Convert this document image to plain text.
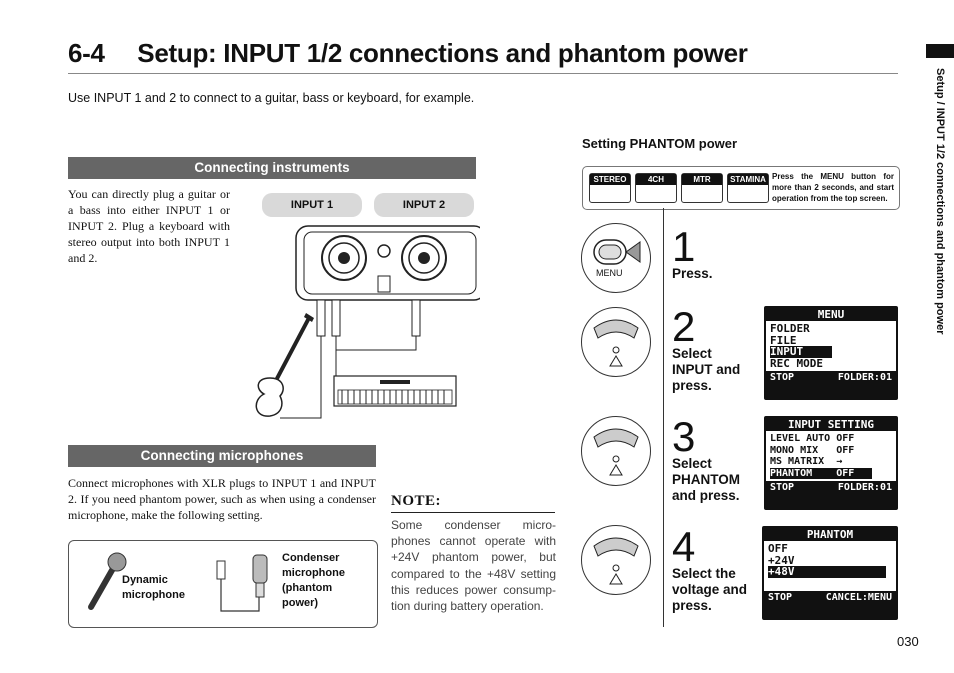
6-4  Setup: INPUT 1/2 connections and phantom power
Use INPUT 1 and 2 to connect to a guitar, bass or keyboard, for example.	Setup / INPUT 1/2 connections and phantom power
Connecting instruments
You can directly plug a guitar or a bass into either INPUT 1 or INPUT 2. Plug a keyboard with stereo output into both INPUT 1 and 2.
INPUT 1	INPUT 2
Connecting microphones
Connect microphones with XLR plugs to INPUT 1 and INPUT 2. If you need phantom power, such as when using a condenser microphone, make the following setting.
Dynamic microphone
Condenser microphone (phantom power)
NOTE:
Some condenser micro-phones cannot operate with +24V phantom power, but compared to the +48V setting this reduces power consump-tion during battery operation.
Setting PHANTOM power
STEREO	4CH	MTR	STAMINA Press the MENU button for more than 2 seconds, and start operation from the top screen.
MENU
1
Press.
2
Select INPUT and press.
MENU
FOLDER
FILE
INPUT
REC MODE
STOP	FOLDER:01
3
Select PHANTOM and press.
INPUT SETTING
LEVEL AUTO OFF
MONO MIX   OFF
MS MATRIX  →
PHANTOM    OFF
STOP	FOLDER:01
4
Select the voltage and press.
PHANTOM
OFF
+24V
+48V
STOP	CANCEL:MENU
030
